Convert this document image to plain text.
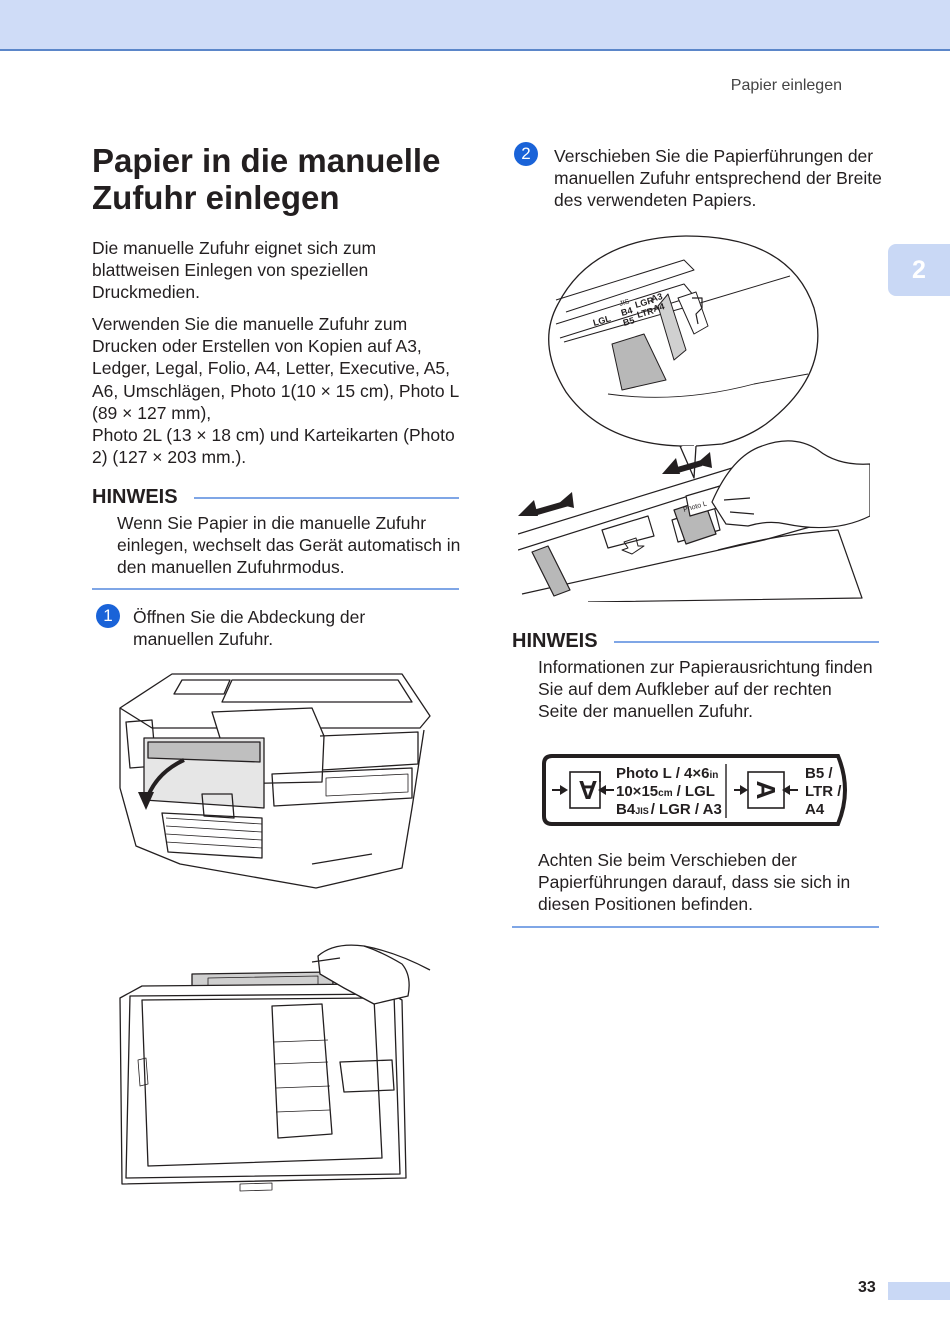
Papier einlegen
2
Papier in die manuelle Zufuhr einlegen

Die manuelle Zufuhr eignet sich zum blattweisen Einlegen von speziellen Druckmedien.

Verwenden Sie die manuelle Zufuhr zum Drucken oder Erstellen von Kopien auf A3, Ledger, Legal, Folio, A4, Letter, Executive, A5, A6, Umschlägen, Photo 1(10 × 15 cm), Photo L (89 × 127 mm),

Photo 2L (13 × 18 cm) und Karteikarten (Photo 2) (127 × 203 mm.).

HINWEIS

Wenn Sie Papier in die manuelle Zufuhr einlegen, wechselt das Gerät automatisch in den manuellen Zufuhrmodus.

1	Öffnen Sie die Abdeckung der manuellen Zufuhr.

2	Verschieben Sie die Papierführungen der manuellen Zufuhr entsprechend der Breite des verwendeten Papiers.

LGL
JIS
B4
B5
LGR
LTR
A3
A4
Photo L
HINWEIS

Informationen zur Papierausrichtung finden Sie auf dem Aufkleber auf der rechten Seite der manuellen Zufuhr.

A	A
Photo L / 4×6in
10×15cm / LGL
B4JIS / LGR / A3
B5 /
LTR /
A4

Achten Sie beim Verschieben der Papierführungen darauf, dass sie sich in diesen Positionen befinden.

33
